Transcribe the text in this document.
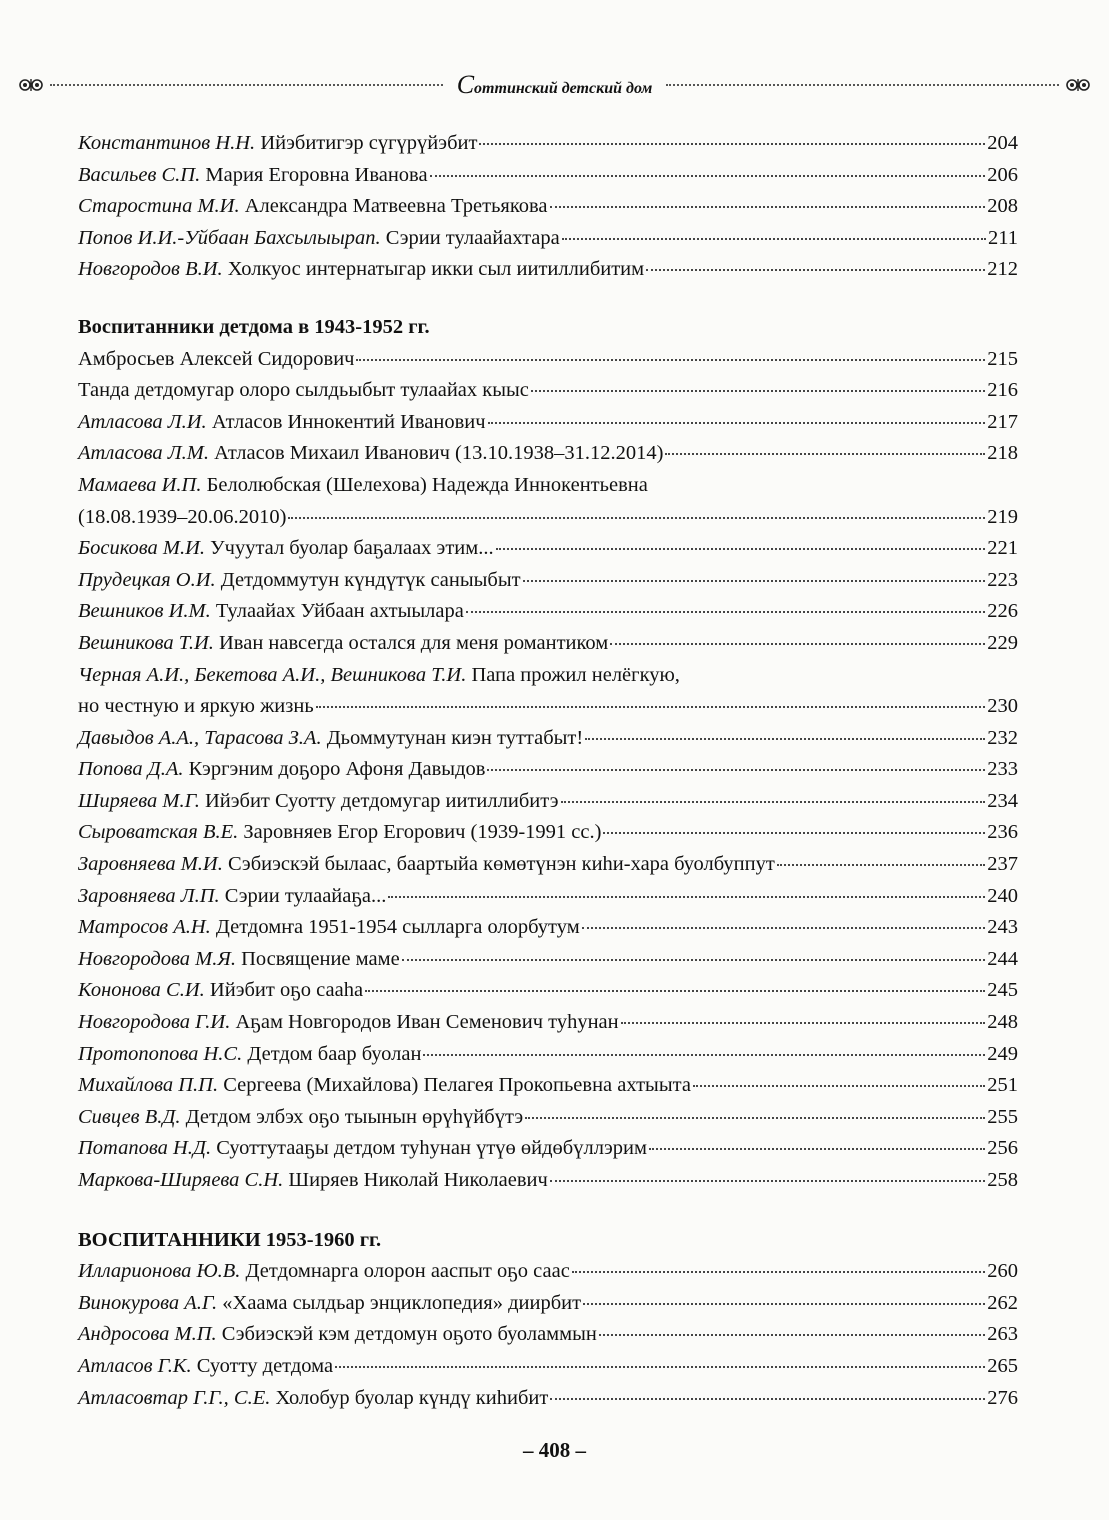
Соттинский детский дом
Константинов Н.Н. Ийэбитигэр сүгүрүйэбит	204
Васильев С.П. Мария Егоровна Иванова	206
Старостина М.И. Александра Матвеевна Третьякова	208
Попов И.И.-Уйбаан Бахсылыырап. Сэрии тулаайахтара	211
Новгородов В.И. Холкуос интернатыгар икки сыл иитиллибитим	212
Воспитанники детдома в 1943-1952 гг.
Амбросьев Алексей Сидорович	215
Танда детдомугар олоро сылдьыбыт тулаайах кыыс	216
Атласова Л.И. Атласов Иннокентий Иванович	217
Атласова Л.М. Атласов Михаил Иванович (13.10.1938–31.12.2014)	218
Мамаева И.П. Белолюбская (Шелехова) Надежда Иннокентьевна
(18.08.1939–20.06.2010)	219
Босикова М.И. Учуутал буолар баҕалаах этим...	221
Прудецкая О.И. Детдоммутун күндүтүк саныыбыт	223
Вешников И.М. Тулаайах Уйбаан ахтыылара	226
Вешникова Т.И. Иван навсегда остался для меня романтиком	229
Черная А.И., Бекетова А.И., Вешникова Т.И. Папа прожил нелёгкую,
но честную и яркую жизнь	230
Давыдов А.А., Тарасова З.А. Дьоммутунан киэн туттабыт!	232
Попова Д.А. Кэргэним доҕоро Афоня Давыдов	233
Ширяева М.Г. Ийэбит Суотту детдомугар иитиллибитэ	234
Сыроватская В.Е. Заровняев Егор Егорович (1939-1991 сс.)	236
Заровняева М.И. Сэбиэскэй былаас, баартыйа көмөтүнэн киһи-хара буолбуппут	237
Заровняева Л.П. Сэрии тулаайаҕа...	240
Матросов А.Н. Детдомҥа 1951-1954 сылларга олорбутум	243
Новгородова М.Я. Посвящение маме	244
Кононова С.И. Ийэбит оҕо сааһа	245
Новгородова Г.И. Аҕам Новгородов Иван Семенович туһунан	248
Протопопова Н.С. Детдом баар буолан	249
Михайлова П.П. Сергеева (Михайлова) Пелагея Прокопьевна ахтыыта	251
Сивцев В.Д. Детдом элбэх оҕо тыынын өрүһүйбүтэ	255
Потапова Н.Д. Суоттутааҕы детдом туһунан үтүө өйдөбүллэрим	256
Маркова-Ширяева С.Н. Ширяев Николай Николаевич	258
ВОСПИТАННИКИ 1953-1960 гг.
Илларионова Ю.В. Детдомнарга олорон ааспыт оҕо саас	260
Винокурова А.Г. «Хаама сылдьар энциклопедия» диирбит	262
Андросова М.П. Сэбиэскэй кэм детдомун оҕото буоламмын	263
Атласов Г.К. Суотту детдома	265
Атласовтар Г.Г., С.Е. Холобур буолар күндү киһибит	276
– 408 –
